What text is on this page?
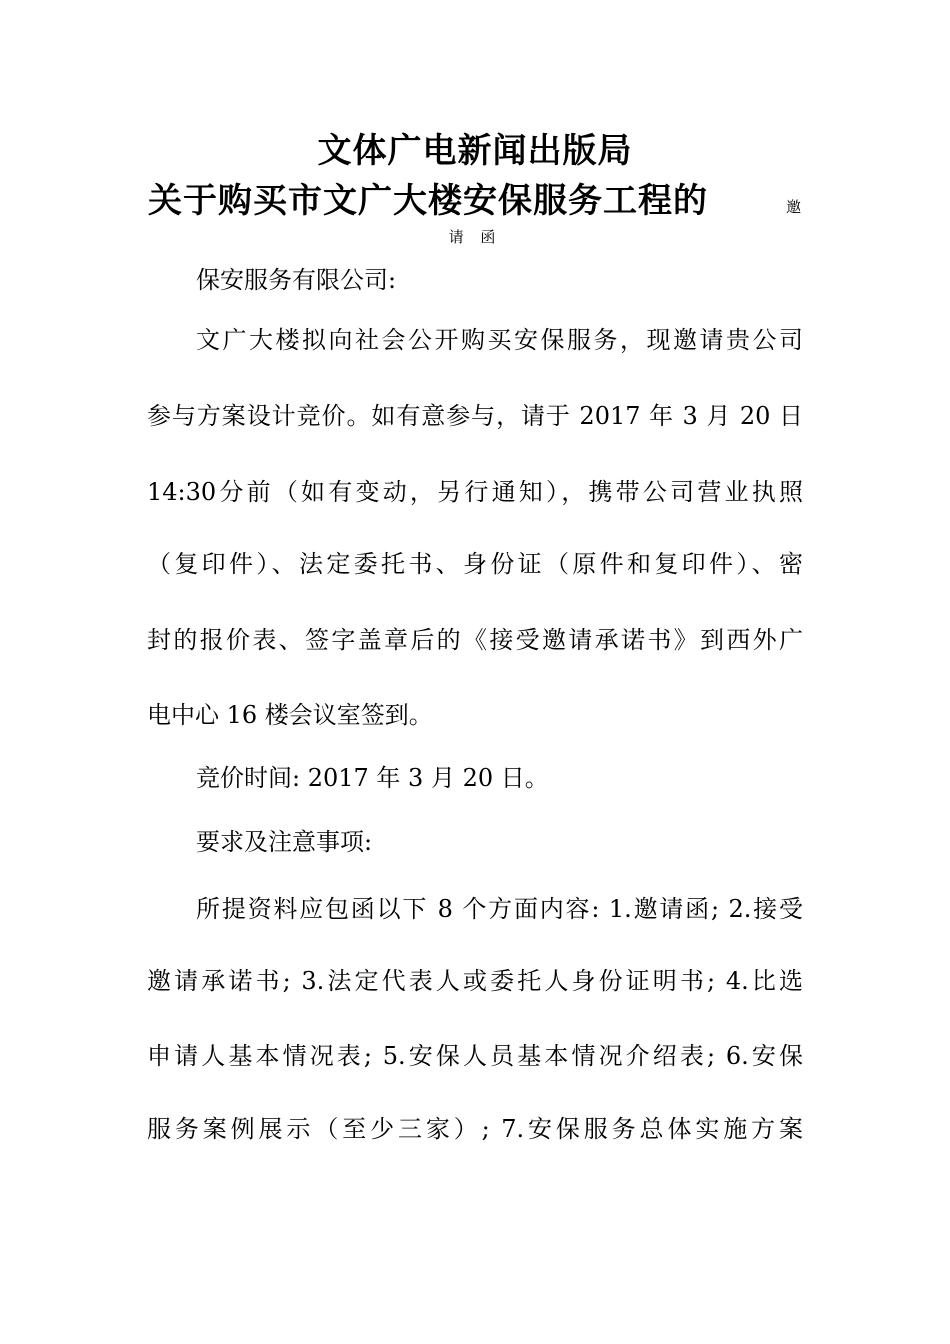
文体广电新闻出版局
关于购买市文广大楼安保服务工程的	邀
请 函
保安服务有限公司:
文广大楼拟向社会公开购买安保服务，现邀请贵公司
参与方案设计竞价。如有意参与，请于 2017 年 3 月 20 日
14:30分前（如有变动，另行通知），携带公司营业执照
（复印件）、法定委托书、身份证（原件和复印件）、密
封的报价表、签字盖章后的《接受邀请承诺书》到西外广
电中心 16 楼会议室签到。
竞价时间: 2017 年 3 月 20 日。
要求及注意事项:
所提资料应包函以下 8 个方面内容: 1.邀请函; 2.接受
邀请承诺书; 3.法定代表人或委托人身份证明书; 4.比选
申请人基本情况表; 5.安保人员基本情况介绍表; 6.安保
服务案例展示（至少三家）; 7.安保服务总体实施方案
